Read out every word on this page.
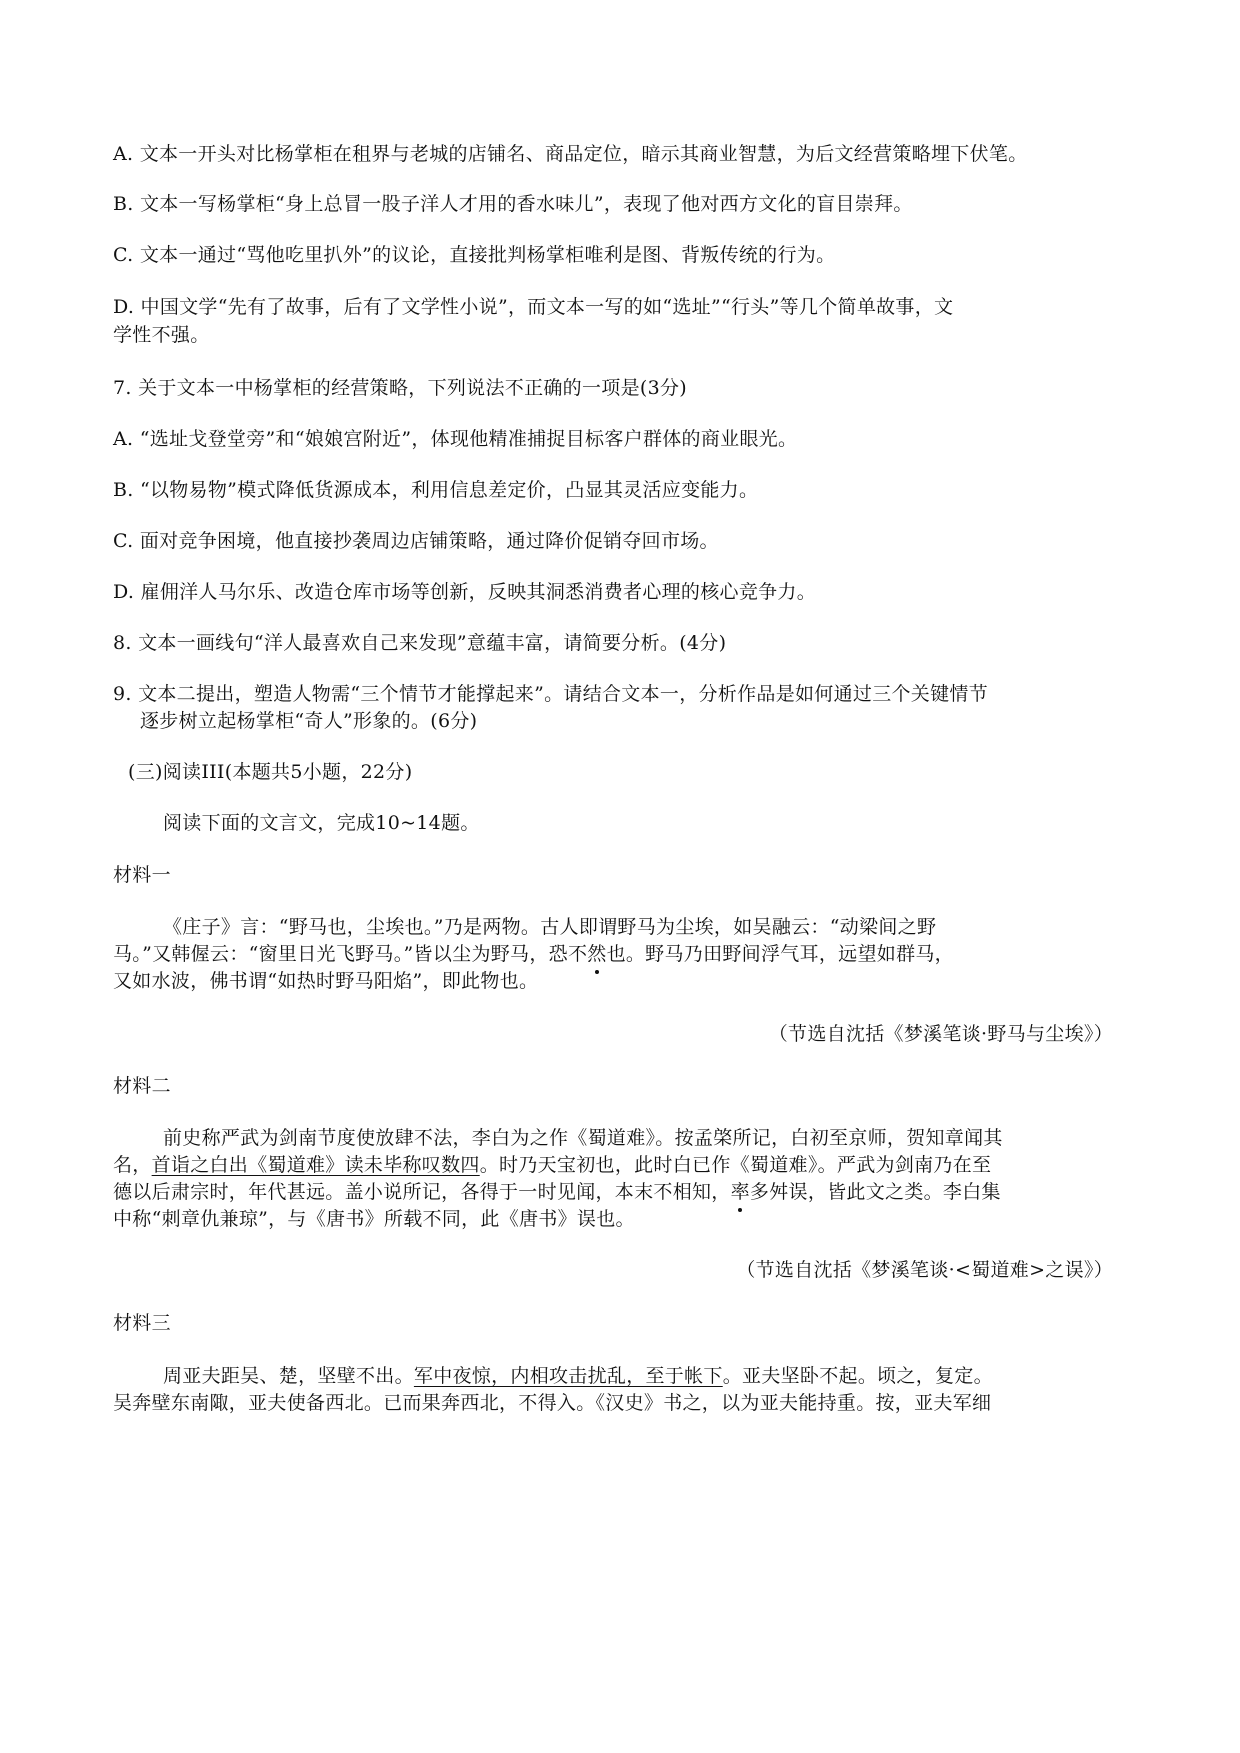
A. 文本一开头对比杨掌柜在租界与老城的店铺名、商品定位，暗示其商业智慧，为后文经营策略埋下伏笔。
B. 文本一写杨掌柜“身上总冒一股子洋人才用的香水味儿”，表现了他对西方文化的盲目崇拜。
C. 文本一通过“骂他吃里扒外”的议论，直接批判杨掌柜唯利是图、背叛传统的行为。
D. 中国文学“先有了故事，后有了文学性小说”，而文本一写的如“选址”“行头”等几个简单故事，文
学性不强。
7. 关于文本一中杨掌柜的经营策略，下列说法不正确的一项是(3分)
A. “选址戈登堂旁”和“娘娘宫附近”，体现他精准捕捉目标客户群体的商业眼光。
B. “以物易物”模式降低货源成本，利用信息差定价，凸显其灵活应变能力。
C. 面对竞争困境，他直接抄袭周边店铺策略，通过降价促销夺回市场。
D. 雇佣洋人马尔乐、改造仓库市场等创新，反映其洞悉消费者心理的核心竞争力。
8. 文本一画线句“洋人最喜欢自己来发现”意蕴丰富，请简要分析。(4分)
9. 文本二提出，塑造人物需“三个情节才能撑起来”。请结合文本一，分析作品是如何通过三个关键情节
逐步树立起杨掌柜“奇人”形象的。(6分)
(三)阅读III(本题共5小题，22分)
阅读下面的文言文，完成10~14题。
材料一
《庄子》言：“野马也，尘埃也。”乃是两物。古人即谓野马为尘埃，如吴融云：“动梁间之野
马。”又韩偓云：“窗里日光飞野马。”皆以尘为野马，恐不然也。野马乃田野间浮气耳，远望如群马，
又如水波，佛书谓“如热时野马阳焰”，即此物也。
（节选自沈括《梦溪笔谈·野马与尘埃》）
材料二
前史称严武为剑南节度使放肆不法，李白为之作《蜀道难》。按孟棨所记，白初至京师，贺知章闻其
名，首诣之白出《蜀道难》读未毕称叹数四。时乃天宝初也，此时白已作《蜀道难》。严武为剑南乃在至
德以后肃宗时，年代甚远。盖小说所记，各得于一时见闻，本末不相知，率多舛误，皆此文之类。李白集
中称“刺章仇兼琼”，与《唐书》所载不同，此《唐书》误也。
（节选自沈括《梦溪笔谈·<蜀道难>之误》）
材料三
周亚夫距吴、楚，坚壁不出。军中夜惊，内相攻击扰乱，至于帐下。亚夫坚卧不起。顷之，复定。
吴奔壁东南陬，亚夫使备西北。已而果奔西北，不得入。《汉史》书之，以为亚夫能持重。按，亚夫军细
